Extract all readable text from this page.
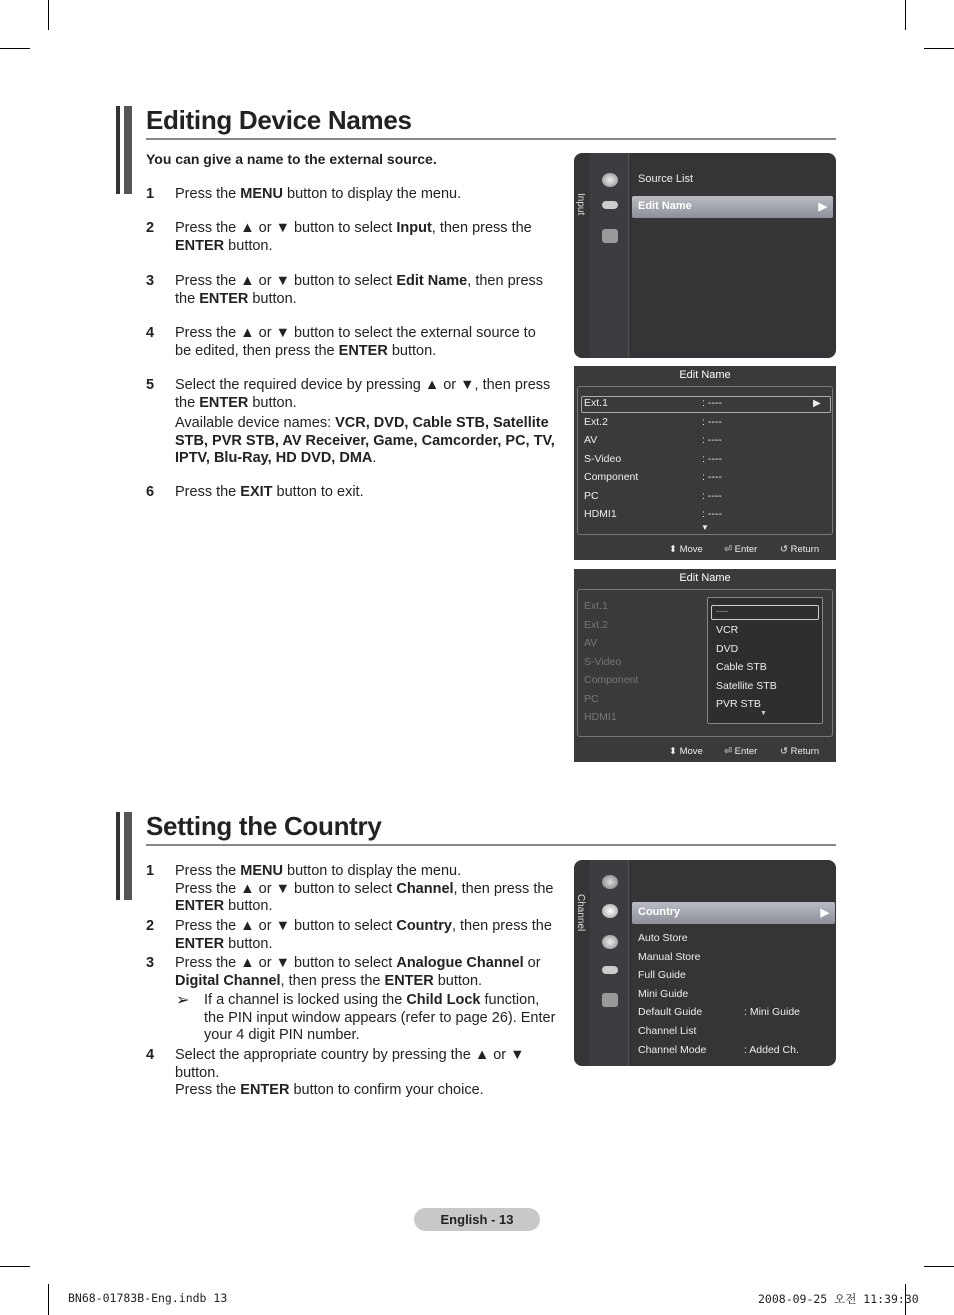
Editing Device Names
You can give a name to the external source.
Input
Source List
Edit Name	▶
Edit Name
▶
▼
⬍ Move ⏎ Enter ↺ Return
Ext.1	: ----
Ext.2	: ----
AV	: ----
S-Video	: ----
Component	: ----
PC	: ----
HDMI1	: ----
Edit Name
----
▼
VCR
DVD
Cable STB
Satellite STB
PVR STB
⬍ Move ⏎ Enter ↺ Return
Ext.1
Ext.2
AV
S-Video
Component
PC
HDMI1
Setting the Country
➢
Channel	Country	▶
Auto Store
Manual Store
Full Guide
Mini Guide
Default Guide	: Mini Guide
Channel List
Channel Mode	: Added Ch.
English - 13
BN68-01783B-Eng.indb 13	2008-09-25 오전 11:39:30
1 Press the MENU button to display the menu.
2 Press the ▲ or ▼ button to select Input, then press the
ENTER button.
3 Press the ▲ or ▼ button to select Edit Name, then press
the ENTER button.
4 Press the ▲ or ▼ button to select the external source to
be edited, then press the ENTER button.
5 Select the required device by pressing ▲ or ▼, then press
the ENTER button.
Available device names: VCR, DVD, Cable STB, Satellite
STB, PVR STB, AV Receiver, Game, Camcorder, PC, TV,
IPTV, Blu-Ray, HD DVD, DMA.
6 Press the EXIT button to exit.
1 Press the MENU button to display the menu.
Press the ▲ or ▼ button to select Channel, then press the
ENTER button.
2 Press the ▲ or ▼ button to select Country, then press the
ENTER button.
3 Press the ▲ or ▼ button to select Analogue Channel or
Digital Channel, then press the ENTER button.
If a channel is locked using the Child Lock function,
the PIN input window appears (refer to page 26). Enter
your 4 digit PIN number.
4 Select the appropriate country by pressing the ▲ or ▼
button.
Press the ENTER button to confirm your choice.
